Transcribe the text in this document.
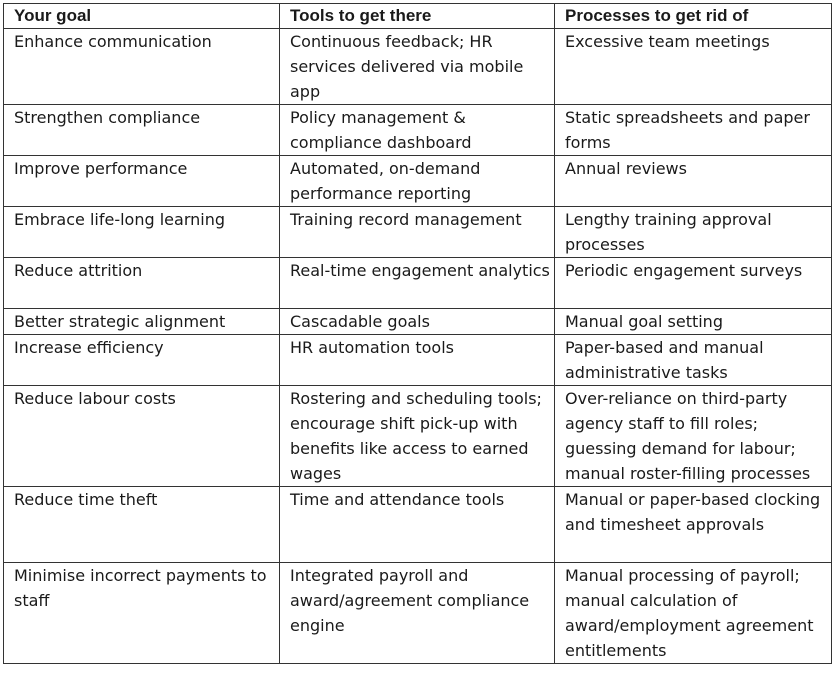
Your goal	Tools to get there	Processes to get rid of
Enhance communication	Continuous feedback; HR services delivered via mobile app	Excessive team meetings
Strengthen compliance	Policy management & compliance dashboard	Static spreadsheets and paper forms
Improve performance	Automated, on-demand performance reporting	Annual reviews
Embrace life-long learning	Training record management	Lengthy training approval processes
Reduce attrition	Real-time engagement analytics	Periodic engagement surveys
Better strategic alignment	Cascadable goals	Manual goal setting
Increase efficiency	HR automation tools	Paper-based and manual administrative tasks
Reduce labour costs	Rostering and scheduling tools; encourage shift pick-up with benefits like access to earned wages	Over-reliance on third-party agency staff to fill roles; guessing demand for labour; manual roster-filling processes
Reduce time theft	Time and attendance tools	Manual or paper-based clocking and timesheet approvals
Minimise incorrect payments to staff	Integrated payroll and award/agreement compliance engine	Manual processing of payroll; manual calculation of award/employment agreement entitlements
